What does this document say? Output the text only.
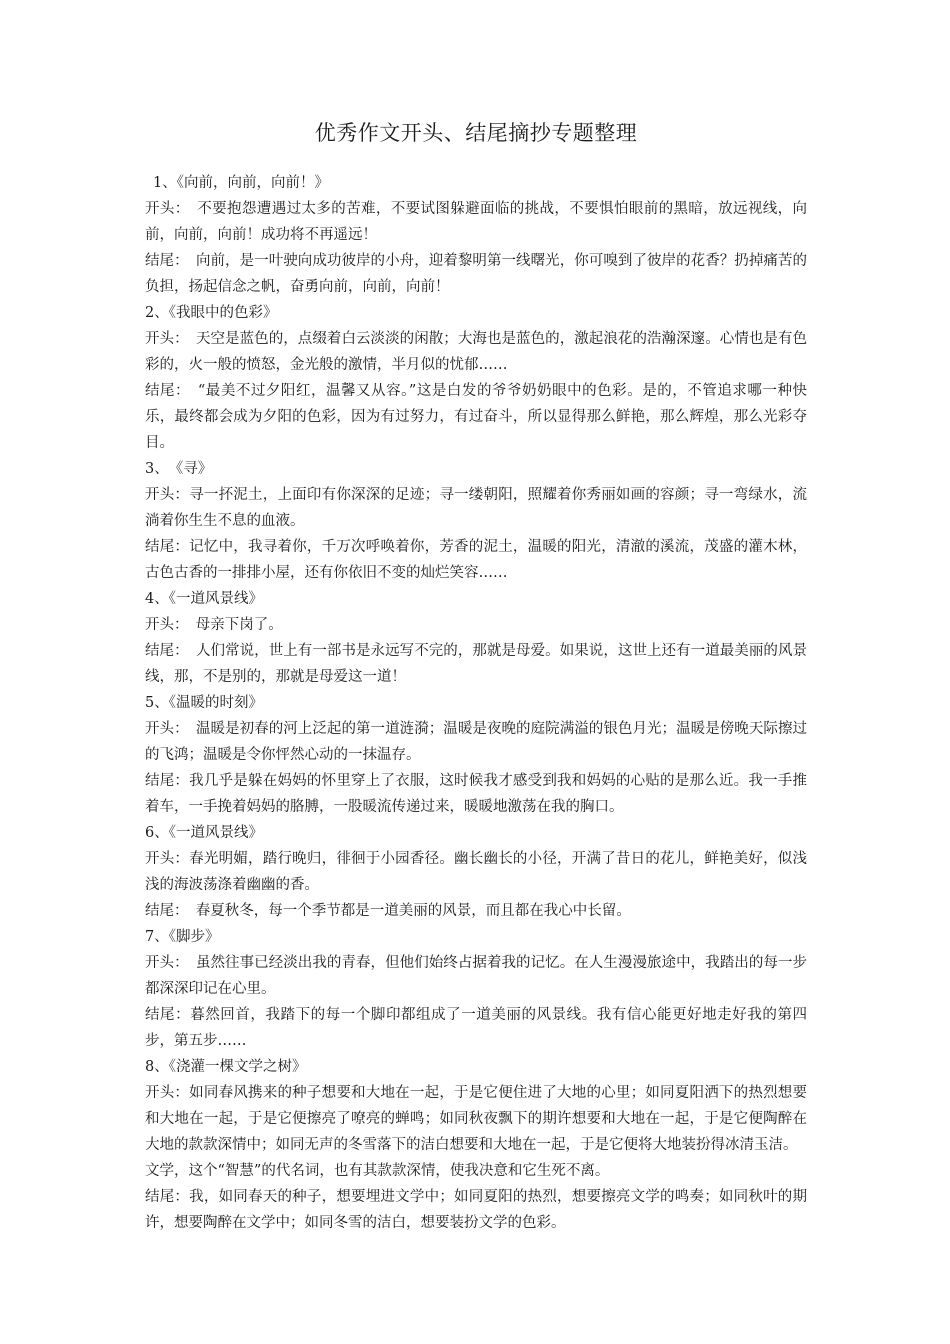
优秀作文开头、结尾摘抄专题整理

1、《向前，向前，向前！》

开头：　不要抱怨遭遇过太多的苦难，不要试图躲避面临的挑战，不要惧怕眼前的黑暗，放远视线，向前，向前，向前！成功将不再遥远！

结尾：　向前，是一叶驶向成功彼岸的小舟，迎着黎明第一线曙光，你可嗅到了彼岸的花香？扔掉痛苦的负担，扬起信念之帆，奋勇向前，向前，向前！

2、《我眼中的色彩》

开头：　天空是蓝色的，点缀着白云淡淡的闲散；大海也是蓝色的，激起浪花的浩瀚深邃。心情也是有色彩的，火一般的愤怒，金光般的激情，半月似的忧郁……

结尾：　“最美不过夕阳红，温馨又从容。”这是白发的爷爷奶奶眼中的色彩。是的，不管追求哪一种快乐，最终都会成为夕阳的色彩，因为有过努力，有过奋斗，所以显得那么鲜艳，那么辉煌，那么光彩夺目。

3、　《寻》

开头：寻一抔泥土，上面印有你深深的足迹；寻一缕朝阳，照耀着你秀丽如画的容颜；寻一弯绿水，流淌着你生生不息的血液。

结尾：记忆中，我寻着你，千万次呼唤着你，芳香的泥土，温暖的阳光，清澈的溪流，茂盛的灌木林，古色古香的一排排小屋，还有你依旧不变的灿烂笑容……

4、《一道风景线》

开头：　母亲下岗了。

结尾：　人们常说，世上有一部书是永远写不完的，那就是母爱。如果说，这世上还有一道最美丽的风景线，那，不是别的，那就是母爱这一道！

5、《温暖的时刻》

开头：　温暖是初春的河上泛起的第一道涟漪；温暖是夜晚的庭院满溢的银色月光；温暖是傍晚天际擦过的飞鸿；温暖是令你怦然心动的一抹温存。

结尾：我几乎是躲在妈妈的怀里穿上了衣服，这时候我才感受到我和妈妈的心贴的是那么近。我一手推着车，一手挽着妈妈的胳膊，一股暖流传递过来，暖暖地激荡在我的胸口。

6、《一道风景线》

开头：春光明媚，踏行晚归，徘徊于小园香径。幽长幽长的小径，开满了昔日的花儿，鲜艳美好，似浅浅的海波荡涤着幽幽的香。

结尾：　春夏秋冬，每一个季节都是一道美丽的风景，而且都在我心中长留。

7、《脚步》

开头：　虽然往事已经淡出我的青春，但他们始终占据着我的记忆。在人生漫漫旅途中，我踏出的每一步都深深印记在心里。

结尾：暮然回首，我踏下的每一个脚印都组成了一道美丽的风景线。我有信心能更好地走好我的第四步，第五步……

8、《浇灌一棵文学之树》

开头：如同春风携来的种子想要和大地在一起，于是它便住进了大地的心里；如同夏阳洒下的热烈想要和大地在一起，于是它便擦亮了嘹亮的蝉鸣；如同秋夜飘下的期许想要和大地在一起，于是它便陶醉在大地的款款深情中；如同无声的冬雪落下的洁白想要和大地在一起，于是它便将大地装扮得冰清玉洁。

文学，这个“智慧”的代名词，也有其款款深情，使我决意和它生死不离。

结尾：我，如同春天的种子，想要埋进文学中；如同夏阳的热烈，想要擦亮文学的鸣奏；如同秋叶的期许，想要陶醉在文学中；如同冬雪的洁白，想要装扮文学的色彩。
